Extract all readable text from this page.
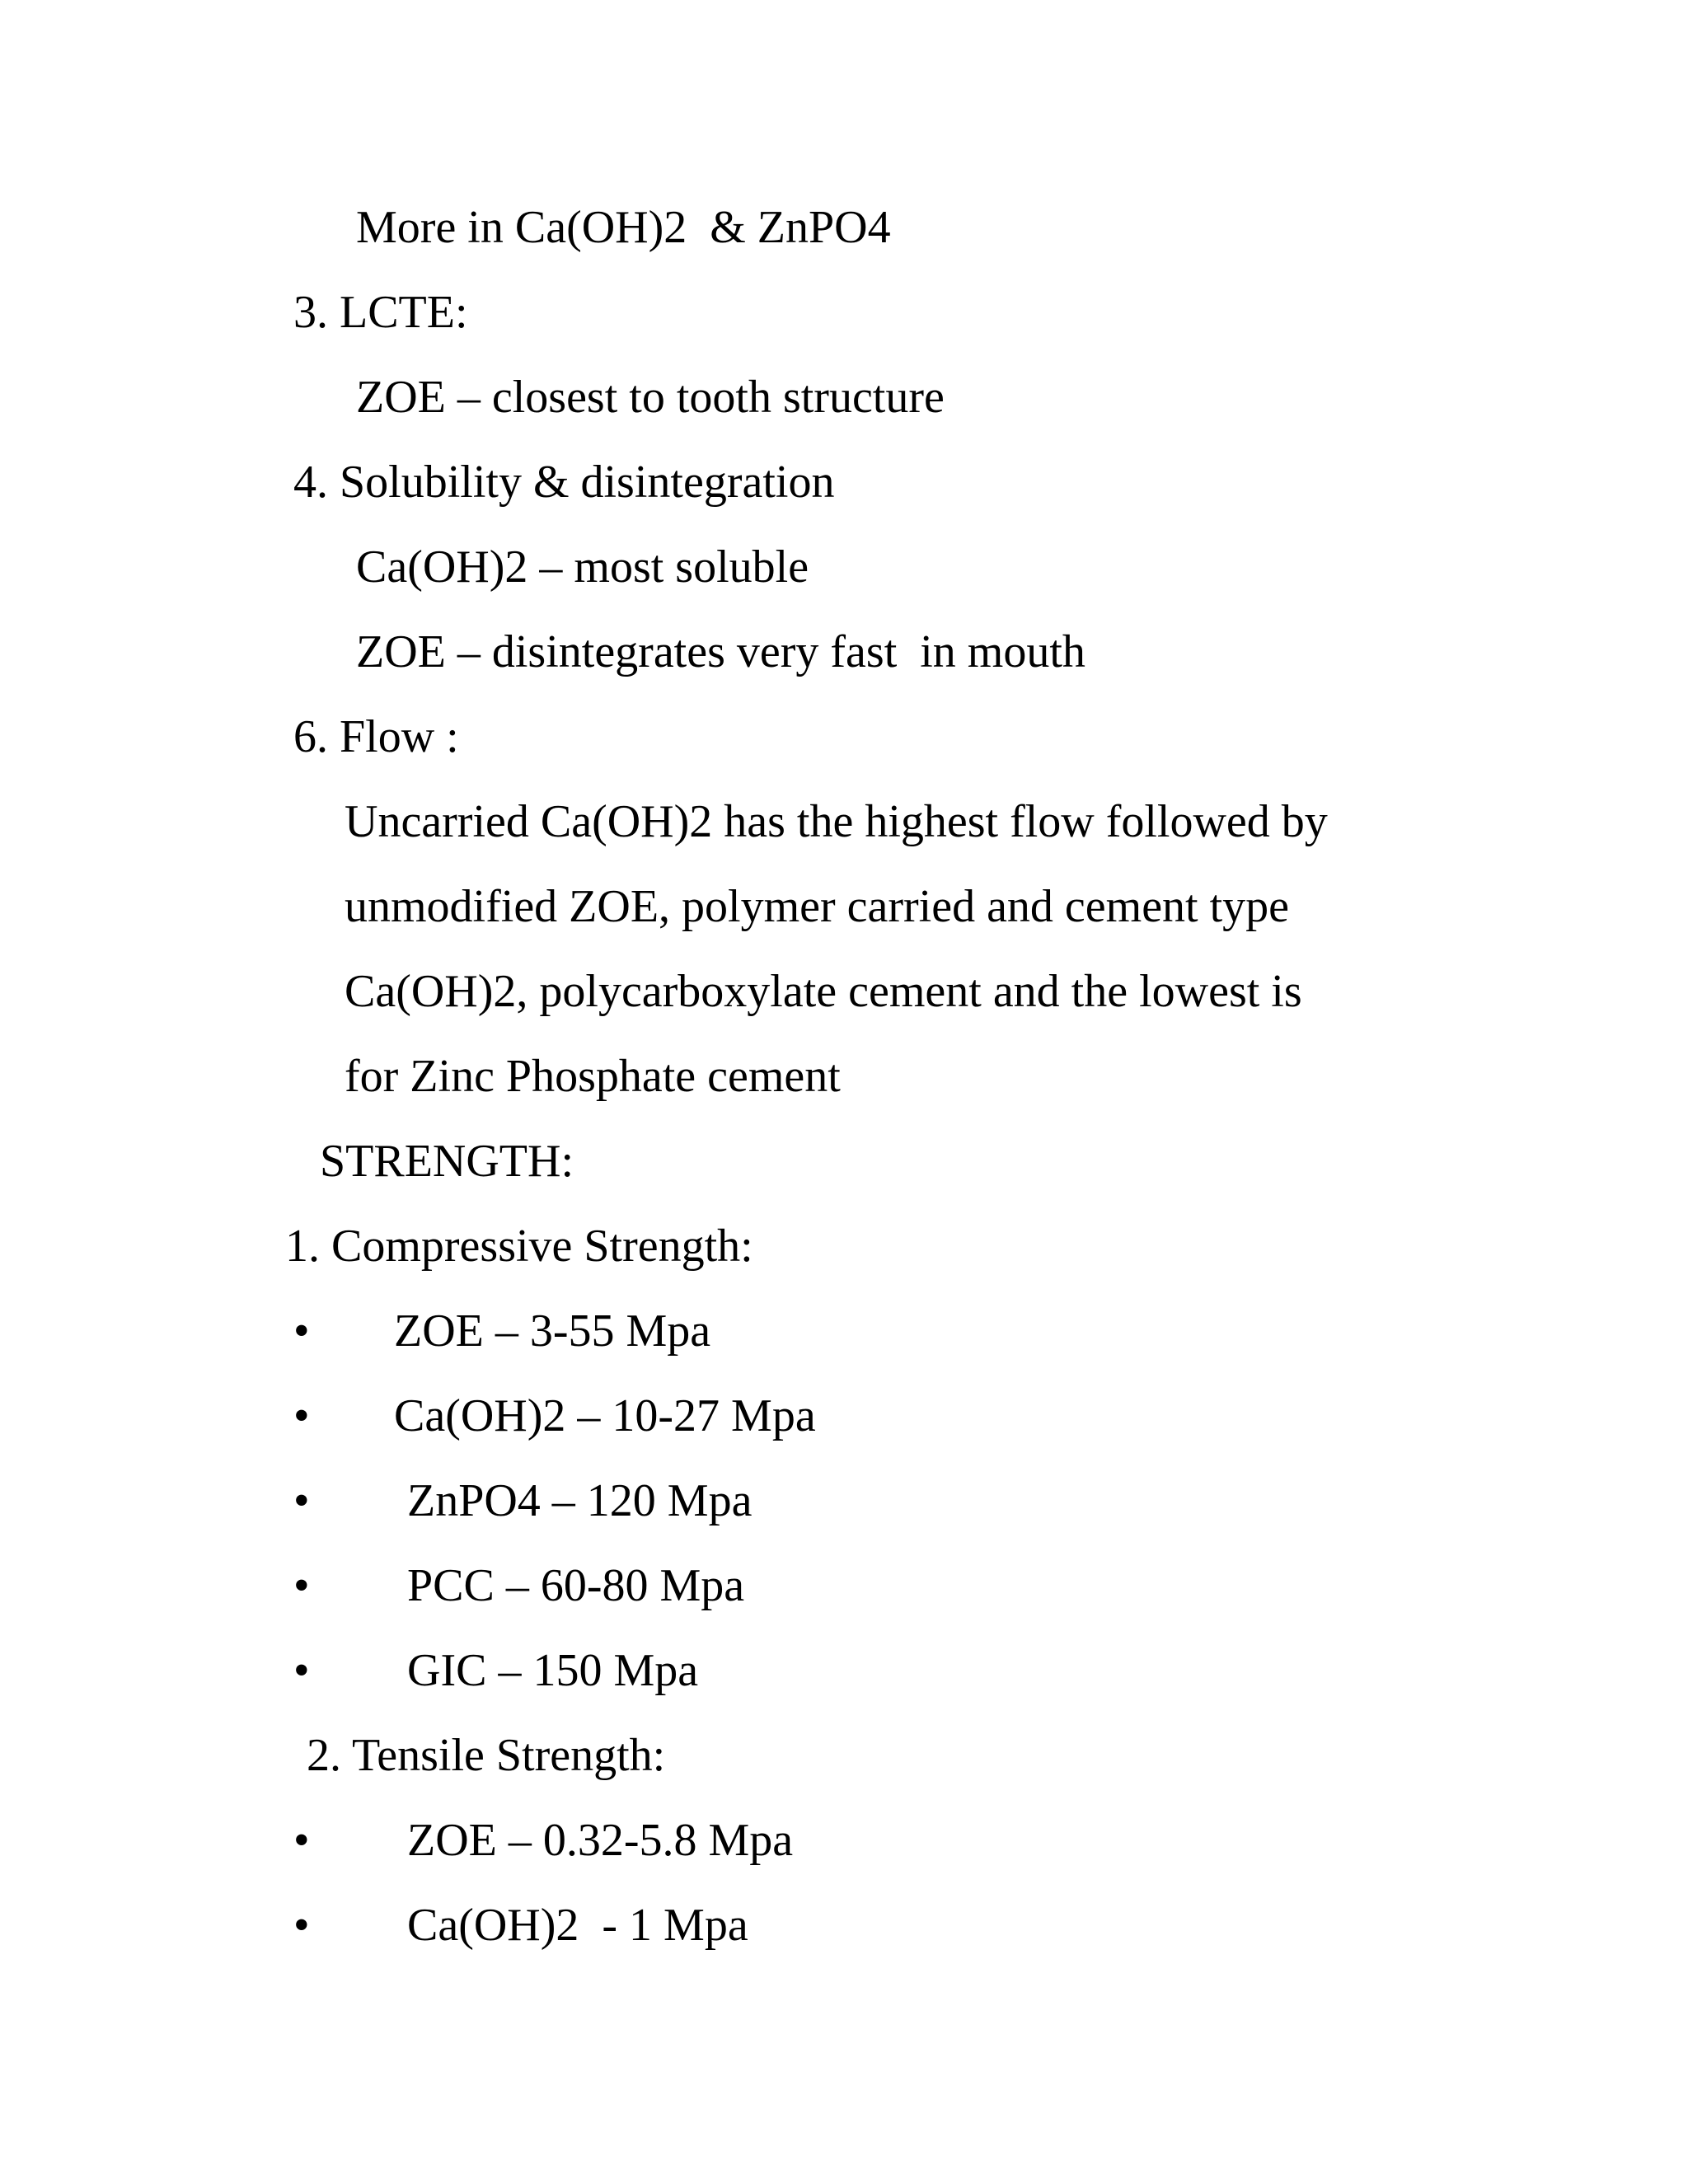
More in Ca(OH)2  & ZnPO4
3. LCTE:
ZOE – closest to tooth structure
4. Solubility & disintegration
Ca(OH)2 – most soluble
ZOE – disintegrates very fast  in mouth
6. Flow :
Uncarried Ca(OH)2 has the highest flow followed by
unmodified ZOE, polymer carried and cement type
Ca(OH)2, polycarboxylate cement and the lowest is
for Zinc Phosphate cement
STRENGTH:
1. Compressive Strength:
• ZOE – 3-55 Mpa
• Ca(OH)2 – 10-27 Mpa
• ZnPO4 – 120 Mpa
• PCC – 60-80 Mpa
• GIC – 150 Mpa
2. Tensile Strength:
• ZOE – 0.32-5.8 Mpa
• Ca(OH)2  - 1 Mpa
